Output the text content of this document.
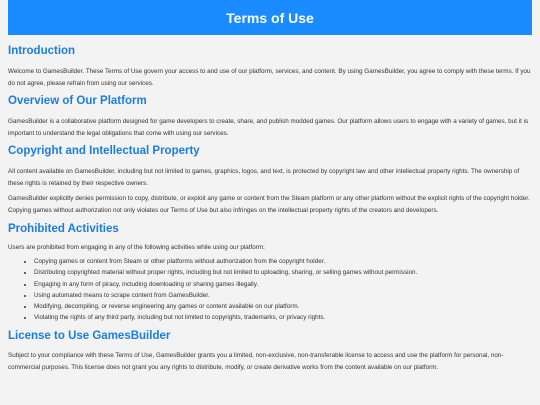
Terms of Use
Introduction

Welcome to GamesBuilder. These Terms of Use govern your access to and use of our platform, services, and content. By using GamesBuilder, you agree to comply with these terms. If you do not agree, please refrain from using our services.

Overview of Our Platform

GamesBuilder is a collaborative platform designed for game developers to create, share, and publish modded games. Our platform allows users to engage with a variety of games, but it is important to understand the legal obligations that come with using our services.

Copyright and Intellectual Property

All content available on GamesBuilder, including but not limited to games, graphics, logos, and text, is protected by copyright law and other intellectual property rights. The ownership of these rights is retained by their respective owners.

GamesBuilder explicitly denies permission to copy, distribute, or exploit any game or content from the Steam platform or any other platform without the explicit rights of the copyright holder. Copying games without authorization not only violates our Terms of Use but also infringes on the intellectual property rights of the creators and developers.

Prohibited Activities

Users are prohibited from engaging in any of the following activities while using our platform:

• Copying games or content from Steam or other platforms without authorization from the copyright holder.
• Distributing copyrighted material without proper rights, including but not limited to uploading, sharing, or selling games without permission.
• Engaging in any form of piracy, including downloading or sharing games illegally.
• Using automated means to scrape content from GamesBuilder.
• Modifying, decompiling, or reverse engineering any games or content available on our platform.
• Violating the rights of any third party, including but not limited to copyrights, trademarks, or privacy rights.
License to Use GamesBuilder

Subject to your compliance with these Terms of Use, GamesBuilder grants you a limited, non-exclusive, non-transferable license to access and use the platform for personal, non-commercial purposes. This license does not grant you any rights to distribute, modify, or create derivative works from the content available on our platform.
